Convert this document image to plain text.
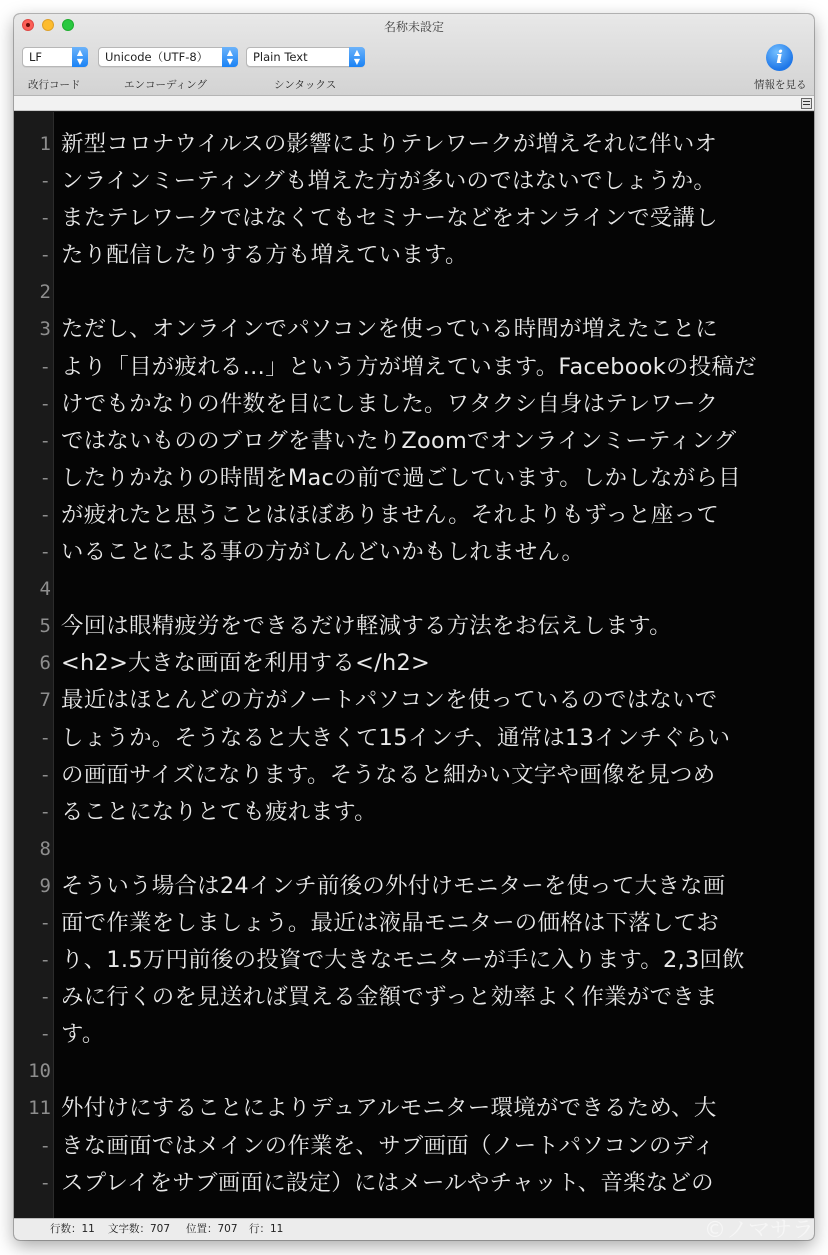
名称未設定
LF	▲
▼	Unicode（UTF-8）	▲
▼	Plain Text	▲
▼
改行コード	エンコーディング	シンタックス
i
情報を見る
1 新型コロナウイルスの影響によりテレワークが増えそれに伴いオ
- ンラインミーティングも増えた方が多いのではないでしょうか。
- またテレワークではなくてもセミナーなどをオンラインで受講し
- たり配信したりする方も増えています。
2
3 ただし、オンラインでパソコンを使っている時間が増えたことに
- より「目が疲れる…」という方が増えています。Facebookの投稿だ
- けでもかなりの件数を目にしました。ワタクシ自身はテレワーク
- ではないもののブログを書いたりZoomでオンラインミーティング
- したりかなりの時間をMacの前で過ごしています。しかしながら目
- が疲れたと思うことはほぼありません。それよりもずっと座って
- いることによる事の方がしんどいかもしれません。
4
5 今回は眼精疲労をできるだけ軽減する方法をお伝えします。
6 <h2>大きな画面を利用する</h2>
7 最近はほとんどの方がノートパソコンを使っているのではないで
- しょうか。そうなると大きくて15インチ、通常は13インチぐらい
- の画面サイズになります。そうなると細かい文字や画像を見つめ
- ることになりとても疲れます。
8
9 そういう場合は24インチ前後の外付けモニターを使って大きな画
- 面で作業をしましょう。最近は液晶モニターの価格は下落してお
- り、1.5万円前後の投資で大きなモニターが手に入ります。2,3回飲
- みに行くのを見送れば買える金額でずっと効率よく作業ができま
- す。
10
11 外付けにすることによりデュアルモニター環境ができるため、大
- きな画面ではメインの作業を、サブ画面（ノートパソコンのディ
- スプレイをサブ画面に設定）にはメールやチャット、音楽などの
行数：11 文字数：707 位置：707 行：11	©ノマサラ
